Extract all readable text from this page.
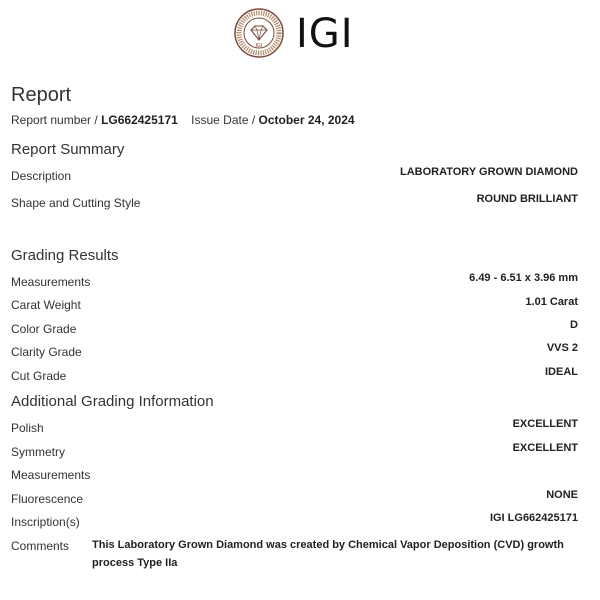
IGI IGI
Report
Report number / LG662425171 Issue Date / October 24, 2024
Report Summary
Description	LABORATORY GROWN DIAMOND
Shape and Cutting Style	ROUND BRILLIANT
Grading Results
Measurements	6.49 - 6.51 x 3.96 mm
Carat Weight	1.01 Carat
Color Grade	D
Clarity Grade	VVS 2
Cut Grade	IDEAL
Additional Grading Information
Polish	EXCELLENT
Symmetry	EXCELLENT
Measurements
Fluorescence	NONE
Inscription(s)	IGI LG662425171
Comments This Laboratory Grown Diamond was created by Chemical Vapor Deposition (CVD) growth process Type IIa
